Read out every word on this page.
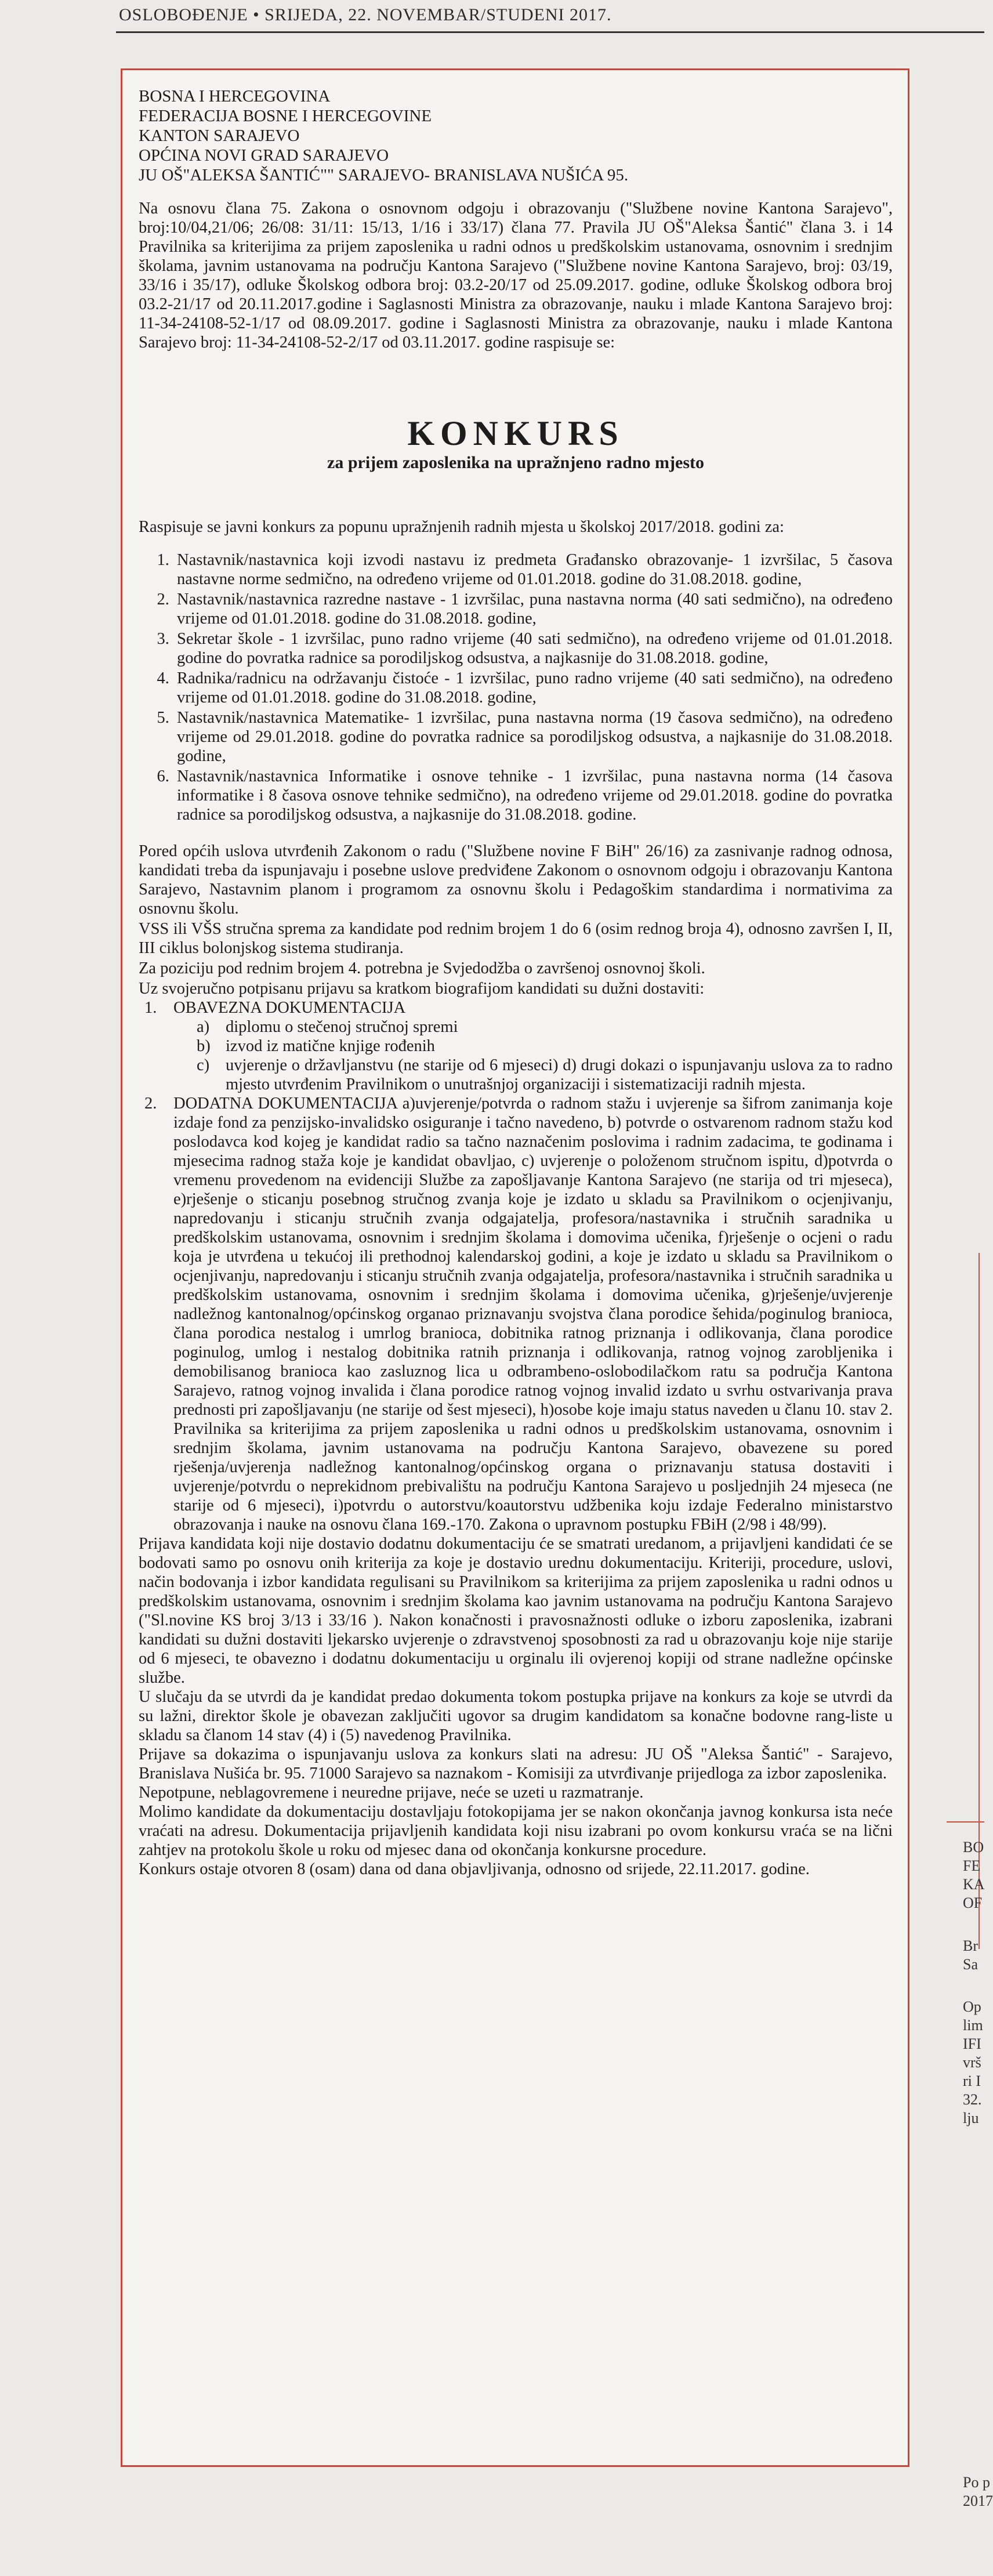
OSLOBOĐENJE • SRIJEDA, 22. NOVEMBAR/STUDENI 2017.
BO
FE
KA
OF
Br
Sa
Op
lim
IFI
vrš
ri I
32.
lju
Po p
2017
BOSNA I HERCEGOVINA
FEDERACIJA BOSNE I HERCEGOVINE
KANTON SARAJEVO
OPĆINA NOVI GRAD SARAJEVO
JU OŠ"ALEKSA ŠANTIĆ"" SARAJEVO- BRANISLAVA NUŠIĆA 95.

Na osnovu člana 75. Zakona o osnovnom odgoju i obrazovanju ("Službene novine Kantona Sarajevo", broj:10/04,21/06; 26/08: 31/11: 15/13, 1/16 i 33/17) člana 77. Pravila JU OŠ"Aleksa Šantić" člana 3. i 14 Pravilnika sa kriterijima za prijem zaposlenika u radni odnos u predškolskim ustanovama, osnovnim i srednjim školama, javnim ustanovama na području Kantona Sarajevo ("Službene novine Kantona Sarajevo, broj: 03/19, 33/16 i 35/17), odluke Školskog odbora broj: 03.2-20/17 od 25.09.2017. godine, odluke Školskog odbora broj 03.2-21/17 od 20.11.2017.godine i Saglasnosti Ministra za obrazovanje, nauku i mlade Kantona Sarajevo broj: 11-34-24108-52-1/17 od 08.09.2017. godine i Saglasnosti Ministra za obrazovanje, nauku i mlade Kantona Sarajevo broj: 11-34-24108-52-2/17 od 03.11.2017. godine raspisuje se:

KONKURS
za prijem zaposlenika na upražnjeno radno mjesto

Raspisuje se javni konkurs za popunu upražnjenih radnih mjesta u školskoj 2017/2018. godini za:

1. Nastavnik/nastavnica koji izvodi nastavu iz predmeta Građansko obrazovanje- 1 izvršilac, 5 časova nastavne norme sedmično, na određeno vrijeme od 01.01.2018. godine do 31.08.2018. godine,
2. Nastavnik/nastavnica razredne nastave - 1 izvršilac, puna nastavna norma (40 sati sedmično), na određeno vrijeme od 01.01.2018. godine do 31.08.2018. godine,
3. Sekretar škole - 1 izvršilac, puno radno vrijeme (40 sati sedmično), na određeno vrijeme od 01.01.2018. godine do povratka radnice sa porodiljskog odsustva, a najkasnije do 31.08.2018. godine,
4. Radnika/radnicu na održavanju čistoće - 1 izvršilac, puno radno vrijeme (40 sati sedmično), na određeno vrijeme od 01.01.2018. godine do 31.08.2018. godine,
5. Nastavnik/nastavnica Matematike- 1 izvršilac, puna nastavna norma (19 časova sedmično), na određeno vrijeme od 29.01.2018. godine do povratka radnice sa porodiljskog odsustva, a najkasnije do 31.08.2018. godine,
6. Nastavnik/nastavnica Informatike i osnove tehnike - 1 izvršilac, puna nastavna norma (14 časova informatike i 8 časova osnove tehnike sedmično), na određeno vrijeme od 29.01.2018. godine do povratka radnice sa porodiljskog odsustva, a najkasnije do 31.08.2018. godine.

Pored općih uslova utvrđenih Zakonom o radu ("Službene novine F BiH" 26/16) za zasnivanje radnog odnosa, kandidati treba da ispunjavaju i posebne uslove predviđene Zakonom o osnovnom odgoju i obrazovanju Kantona Sarajevo, Nastavnim planom i programom za osnovnu školu i Pedagoškim standardima i normativima za osnovnu školu.

VSS ili VŠS stručna sprema za kandidate pod rednim brojem 1 do 6 (osim rednog broja 4), odnosno završen I, II, III ciklus bolonjskog sistema studiranja.

Za poziciju pod rednim brojem 4. potrebna je Svjedodžba o završenoj osnovnoj školi.

Uz svojeručno potpisanu prijavu sa kratkom biografijom kandidati su dužni dostaviti:

1. OBAVEZNA DOKUMENTACIJA
a) diplomu o stečenoj stručnoj spremi
b) izvod iz matične knjige rođenih
c) uvjerenje o državljanstvu (ne starije od 6 mjeseci) d) drugi dokazi o ispunjavanju uslova za to radno mjesto utvrđenim Pravilnikom o unutrašnjoj organizaciji i sistematizaciji radnih mjesta.
2. DODATNA DOKUMENTACIJA a)uvjerenje/potvrda o radnom stažu i uvjerenje sa šifrom zanimanja koje izdaje fond za penzijsko-invalidsko osiguranje i tačno navedeno, b) potvrde o ostvarenom radnom stažu kod poslodavca kod kojeg je kandidat radio sa tačno naznačenim poslovima i radnim zadacima, te godinama i mjesecima radnog staža koje je kandidat obavljao, c) uvjerenje o položenom stručnom ispitu, d)potvrda o vremenu provedenom na evidenciji Službe za zapošljavanje Kantona Sarajevo (ne starija od tri mjeseca), e)rješenje o sticanju posebnog stručnog zvanja koje je izdato u skladu sa Pravilnikom o ocjenjivanju, napredovanju i sticanju stručnih zvanja odgajatelja, profesora/nastavnika i stručnih saradnika u predškolskim ustanovama, osnovnim i srednjim školama i domovima učenika, f)rješenje o ocjeni o radu koja je utvrđena u tekućoj ili prethodnoj kalendarskoj godini, a koje je izdato u skladu sa Pravilnikom o ocjenjivanju, napredovanju i sticanju stručnih zvanja odgajatelja, profesora/nastavnika i stručnih saradnika u predškolskim ustanovama, osnovnim i srednjim školama i domovima učenika, g)rješenje/uvjerenje nadležnog kantonalnog/općinskog organao priznavanju svojstva člana porodice šehida/poginulog branioca, člana porodica nestalog i umrlog branioca, dobitnika ratnog priznanja i odlikovanja, člana porodice poginulog, umlog i nestalog dobitnika ratnih priznanja i odlikovanja, ratnog vojnog zarobljenika i demobilisanog branioca kao zasluznog lica u odbrambeno-oslobodilačkom ratu sa područja Kantona Sarajevo, ratnog vojnog invalida i člana porodice ratnog vojnog invalid izdato u svrhu ostvarivanja prava prednosti pri zapošljavanju (ne starije od šest mjeseci), h)osobe koje imaju status naveden u članu 10. stav 2. Pravilnika sa kriterijima za prijem zaposlenika u radni odnos u predškolskim ustanovama, osnovnim i srednjim školama, javnim ustanovama na području Kantona Sarajevo, obavezene su pored rješenja/uvjerenja nadležnog kantonalnog/općinskog organa o priznavanju statusa dostaviti i uvjerenje/potvrdu o neprekidnom prebivalištu na području Kantona Sarajevo u posljednjih 24 mjeseca (ne starije od 6 mjeseci), i)potvrdu o autorstvu/koautorstvu udžbenika koju izdaje Federalno ministarstvo obrazovanja i nauke na osnovu člana 169.-170. Zakona o upravnom postupku FBiH (2/98 i 48/99).

Prijava kandidata koji nije dostavio dodatnu dokumentaciju će se smatrati uredanom, a prijavljeni kandidati će se bodovati samo po osnovu onih kriterija za koje je dostavio urednu dokumentaciju. Kriteriji, procedure, uslovi, način bodovanja i izbor kandidata regulisani su Pravilnikom sa kriterijima za prijem zaposlenika u radni odnos u predškolskim ustanovama, osnovnim i srednjim školama kao javnim ustanovama na području Kantona Sarajevo ("Sl.novine KS broj 3/13 i 33/16 ). Nakon konačnosti i pravosnažnosti odluke o izboru zaposlenika, izabrani kandidati su dužni dostaviti ljekarsko uvjerenje o zdravstvenoj sposobnosti za rad u obrazovanju koje nije starije od 6 mjeseci, te obavezno i dodatnu dokumentaciju u orginalu ili ovjerenoj kopiji od strane nadležne općinske službe.

U slučaju da se utvrdi da je kandidat predao dokumenta tokom postupka prijave na konkurs za koje se utvrdi da su lažni, direktor škole je obavezan zaključiti ugovor sa drugim kandidatom sa konačne bodovne rang-liste u skladu sa članom 14 stav (4) i (5) navedenog Pravilnika.

Prijave sa dokazima o ispunjavanju uslova za konkurs slati na adresu: JU OŠ "Aleksa Šantić" - Sarajevo, Branislava Nušića br. 95. 71000 Sarajevo sa naznakom - Komisiji za utvrđivanje prijedloga za izbor zaposlenika.

Nepotpune, neblagovremene i neuredne prijave, neće se uzeti u razmatranje.

Molimo kandidate da dokumentaciju dostavljaju fotokopijama jer se nakon okončanja javnog konkursa ista neće vraćati na adresu. Dokumentacija prijavljenih kandidata koji nisu izabrani po ovom konkursu vraća se na lični zahtjev na protokolu škole u roku od mjesec dana od okončanja konkursne procedure.

Konkurs ostaje otvoren 8 (osam) dana od dana objavljivanja, odnosno od srijede, 22.11.2017. godine.
